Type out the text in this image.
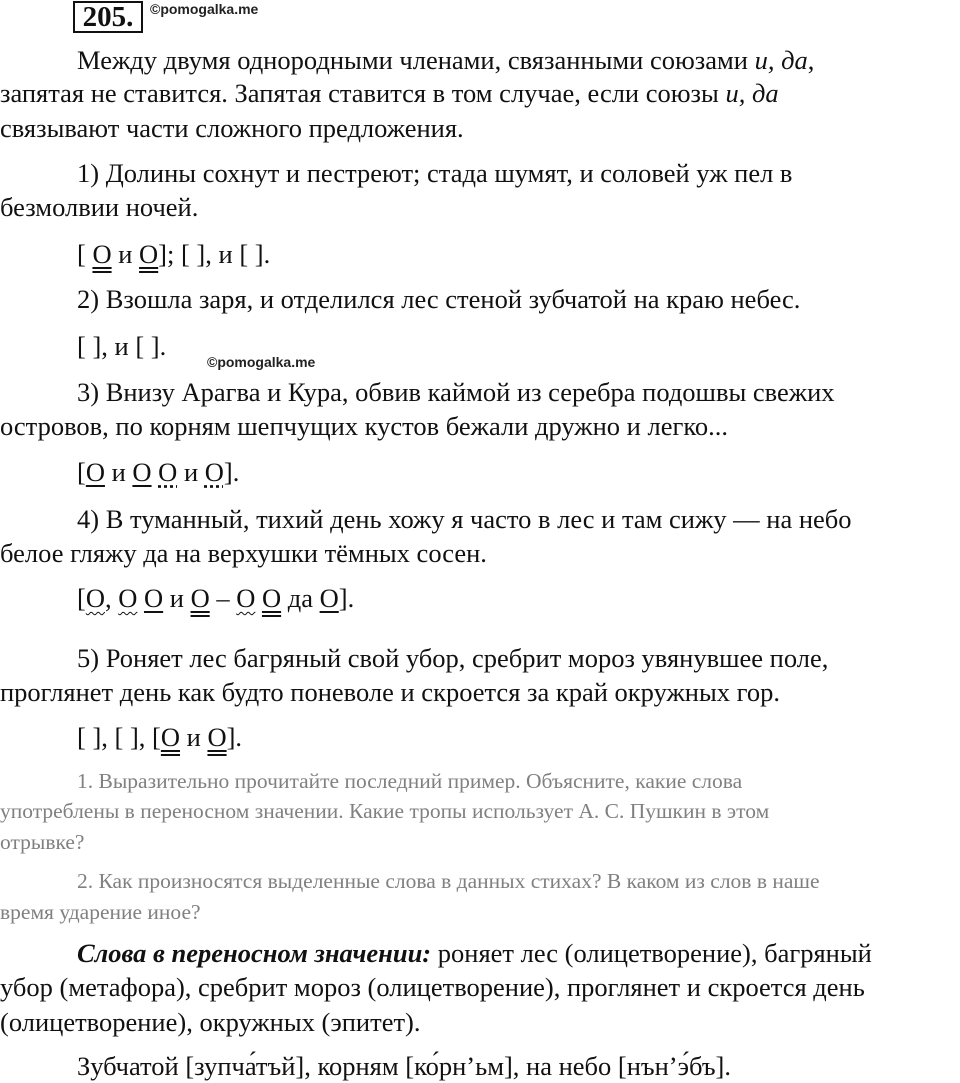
205.	©pomogalka.me
Между двумя однородными членами, связанными союзами и, да,
запятая не ставится. Запятая ставится в том случае, если союзы и, да
связывают части сложного предложения.
1) Долины сохнут и пестреют; стада шумят, и соловей уж пел в
безмолвии ночей.
[ О и О]; [ ], и [ ].
2) Взошла заря, и отделился лес стеной зубчатой на краю небес.
[ ], и [ ].
©pomogalka.me
3) Внизу Арагва и Кура, обвив каймой из серебра подошвы свежих
островов, по корням шепчущих кустов бежали дружно и легко...
[О и О О и О].
4) В туманный, тихий день хожу я часто в лес и там сижу — на небо
белое гляжу да на верхушки тёмных сосен.
[О, О О и О – О О да О].
5) Роняет лес багряный свой убор, сребрит мороз увянувшее поле,
проглянет день как будто поневоле и скроется за край окружных гор.
[ ], [ ], [О и О].
1. Выразительно прочитайте последний пример. Объясните, какие слова
употреблены в переносном значении. Какие тропы использует А. С. Пушкин в этом
отрывке?
2. Как произносятся выделенные слова в данных стихах? В каком из слов в наше
время ударение иное?
Слова в переносном значении: роняет лес (олицетворение), багряный
убор (метафора), сребрит мороз (олицетворение), проглянет и скроется день
(олицетворение), окружных (эпитет).
Зубчатой [зупча́тъй], корням [ко́рн’ьм], на небо [нън’э́бъ].
